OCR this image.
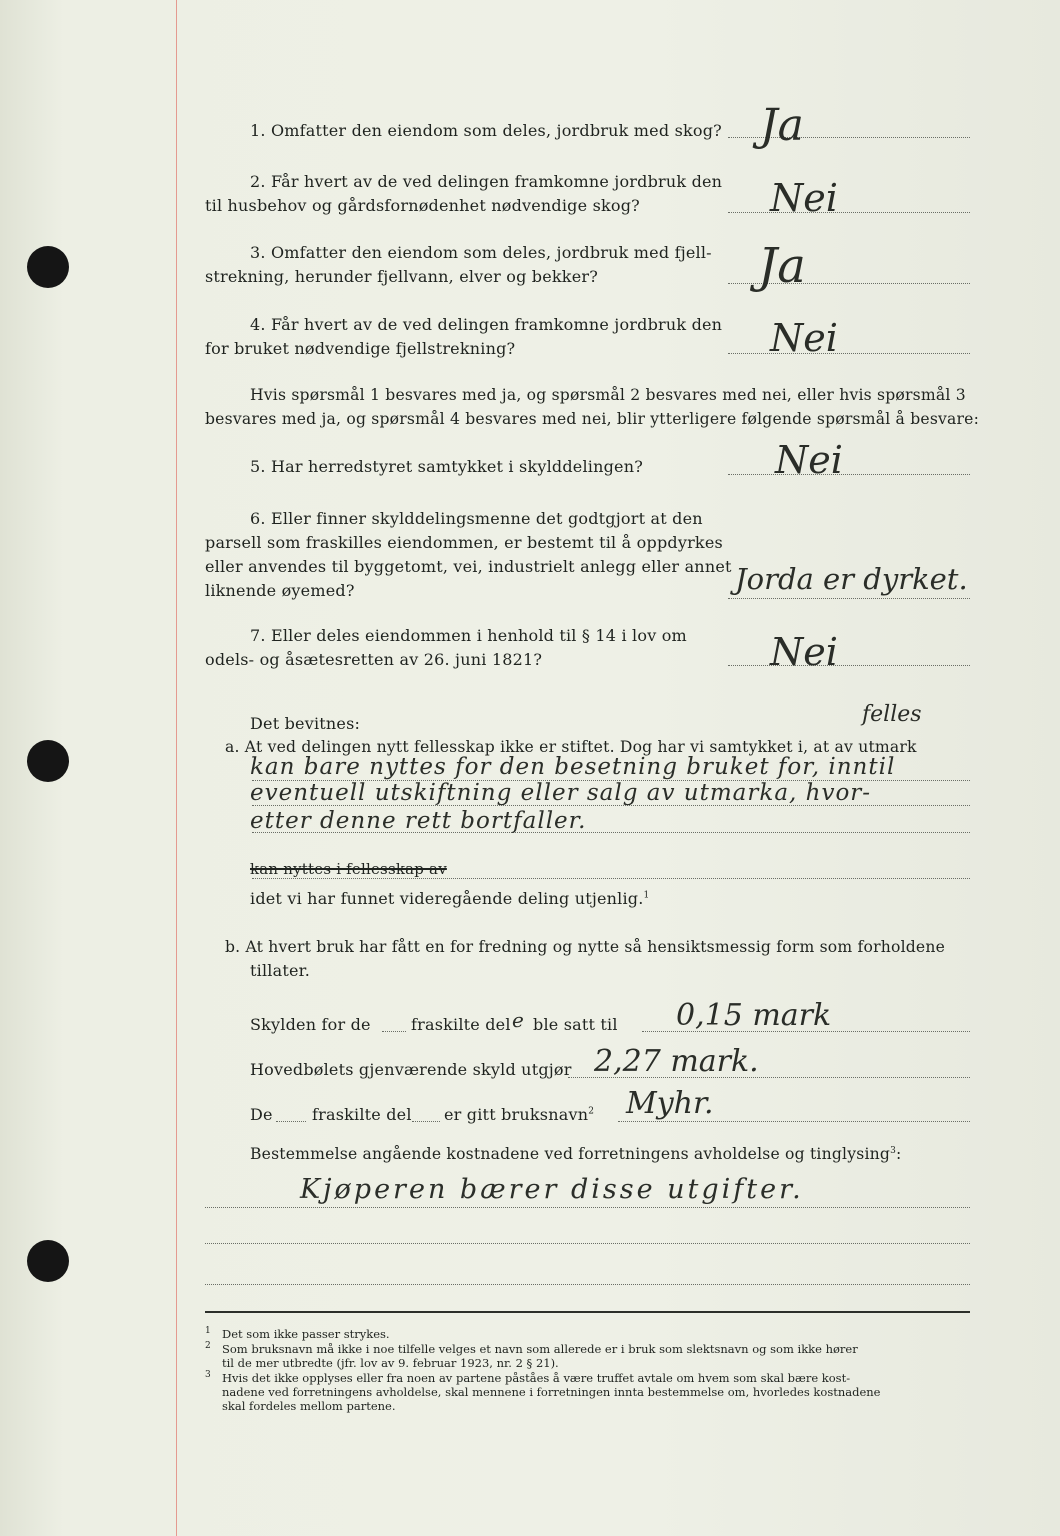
1. Omfatter den eiendom som deles, jordbruk med skog? Ja
2. Får hvert av de ved delingen framkomne jordbruk den
til husbehov og gårdsfornødenhet nødvendige skog?	Nei
3. Omfatter den eiendom som deles, jordbruk med fjell-
strekning, herunder fjellvann, elver og bekker?	Ja
4. Får hvert av de ved delingen framkomne jordbruk den
for bruket nødvendige fjellstrekning?	Nei
Hvis spørsmål 1 besvares med ja, og spørsmål 2 besvares med nei, eller hvis spørsmål 3
besvares med ja, og spørsmål 4 besvares med nei, blir ytterligere følgende spørsmål å besvare:
5. Har herredstyret samtykket i skylddelingen?	Nei
6. Eller finner skylddelingsmenne det godtgjort at den
parsell som fraskilles eiendommen, er bestemt til å oppdyrkes
eller anvendes til byggetomt, vei, industrielt anlegg eller annet
liknende øyemed?	Jorda er dyrket.
7. Eller deles eiendommen i henhold til § 14 i lov om
odels- og åsætesretten av 26. juni 1821?	Nei
Det bevitnes:	felles
a. At ved delingen nytt fellesskap ikke er stiftet. Dog har vi samtykket i, at av utmark
kan bare nyttes for den besetning bruket for, inntil
eventuell utskiftning eller salg av utmarka, hvor-
etter denne rett bortfaller.
kan nyttes i fellesskap av
idet vi har funnet videregående deling utjenlig.$^1$
b. At hvert bruk har fått en for fredning og nytte så hensiktsmessig form som forholdene
tillater.
Skylden for de	fraskilte del e ble satt til 0,15 mark
Hovedbølets gjenværende skyld utgjør 2,27 mark.
De fraskilte del er gitt bruksnavn$^2$ Myhr.
Bestemmelse angående kostnadene ved forretningens avholdelse og tinglysing$^3$:
Kjøperen bærer disse utgifter.
1 Det som ikke passer strykes.
2 Som bruksnavn må ikke i noe tilfelle velges et navn som allerede er i bruk som slektsnavn og som ikke hører
til de mer utbredte (jfr. lov av 9. februar 1923, nr. 2 § 21).
3 Hvis det ikke opplyses eller fra noen av partene påståes å være truffet avtale om hvem som skal bære kost-
nadene ved forretningens avholdelse, skal mennene i forretningen innta bestemmelse om, hvorledes kostnadene
skal fordeles mellom partene.
